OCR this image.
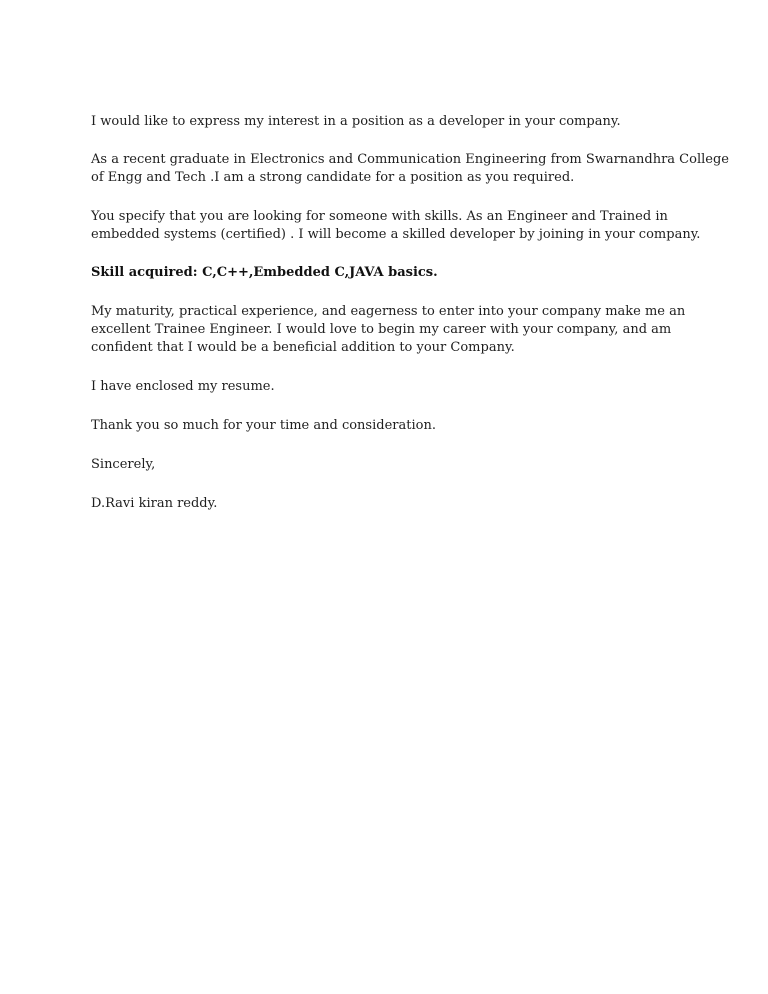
I would like to express my interest in a position as a developer in your company.

As a recent graduate in Electronics and Communication Engineering from Swarnandhra College
of Engg and Tech .I am a strong candidate for a position as you required.

You specify that you are looking for someone with skills. As an Engineer and Trained in
embedded systems (certified) . I will become a skilled developer by joining in your company.

Skill acquired: C,C++,Embedded C,JAVA basics.

My maturity, practical experience, and eagerness to enter into your company make me an
excellent Trainee Engineer. I would love to begin my career with your company, and am
confident that I would be a beneficial addition to your Company.

I have enclosed my resume.

Thank you so much for your time and consideration.

Sincerely,

D.Ravi kiran reddy.
